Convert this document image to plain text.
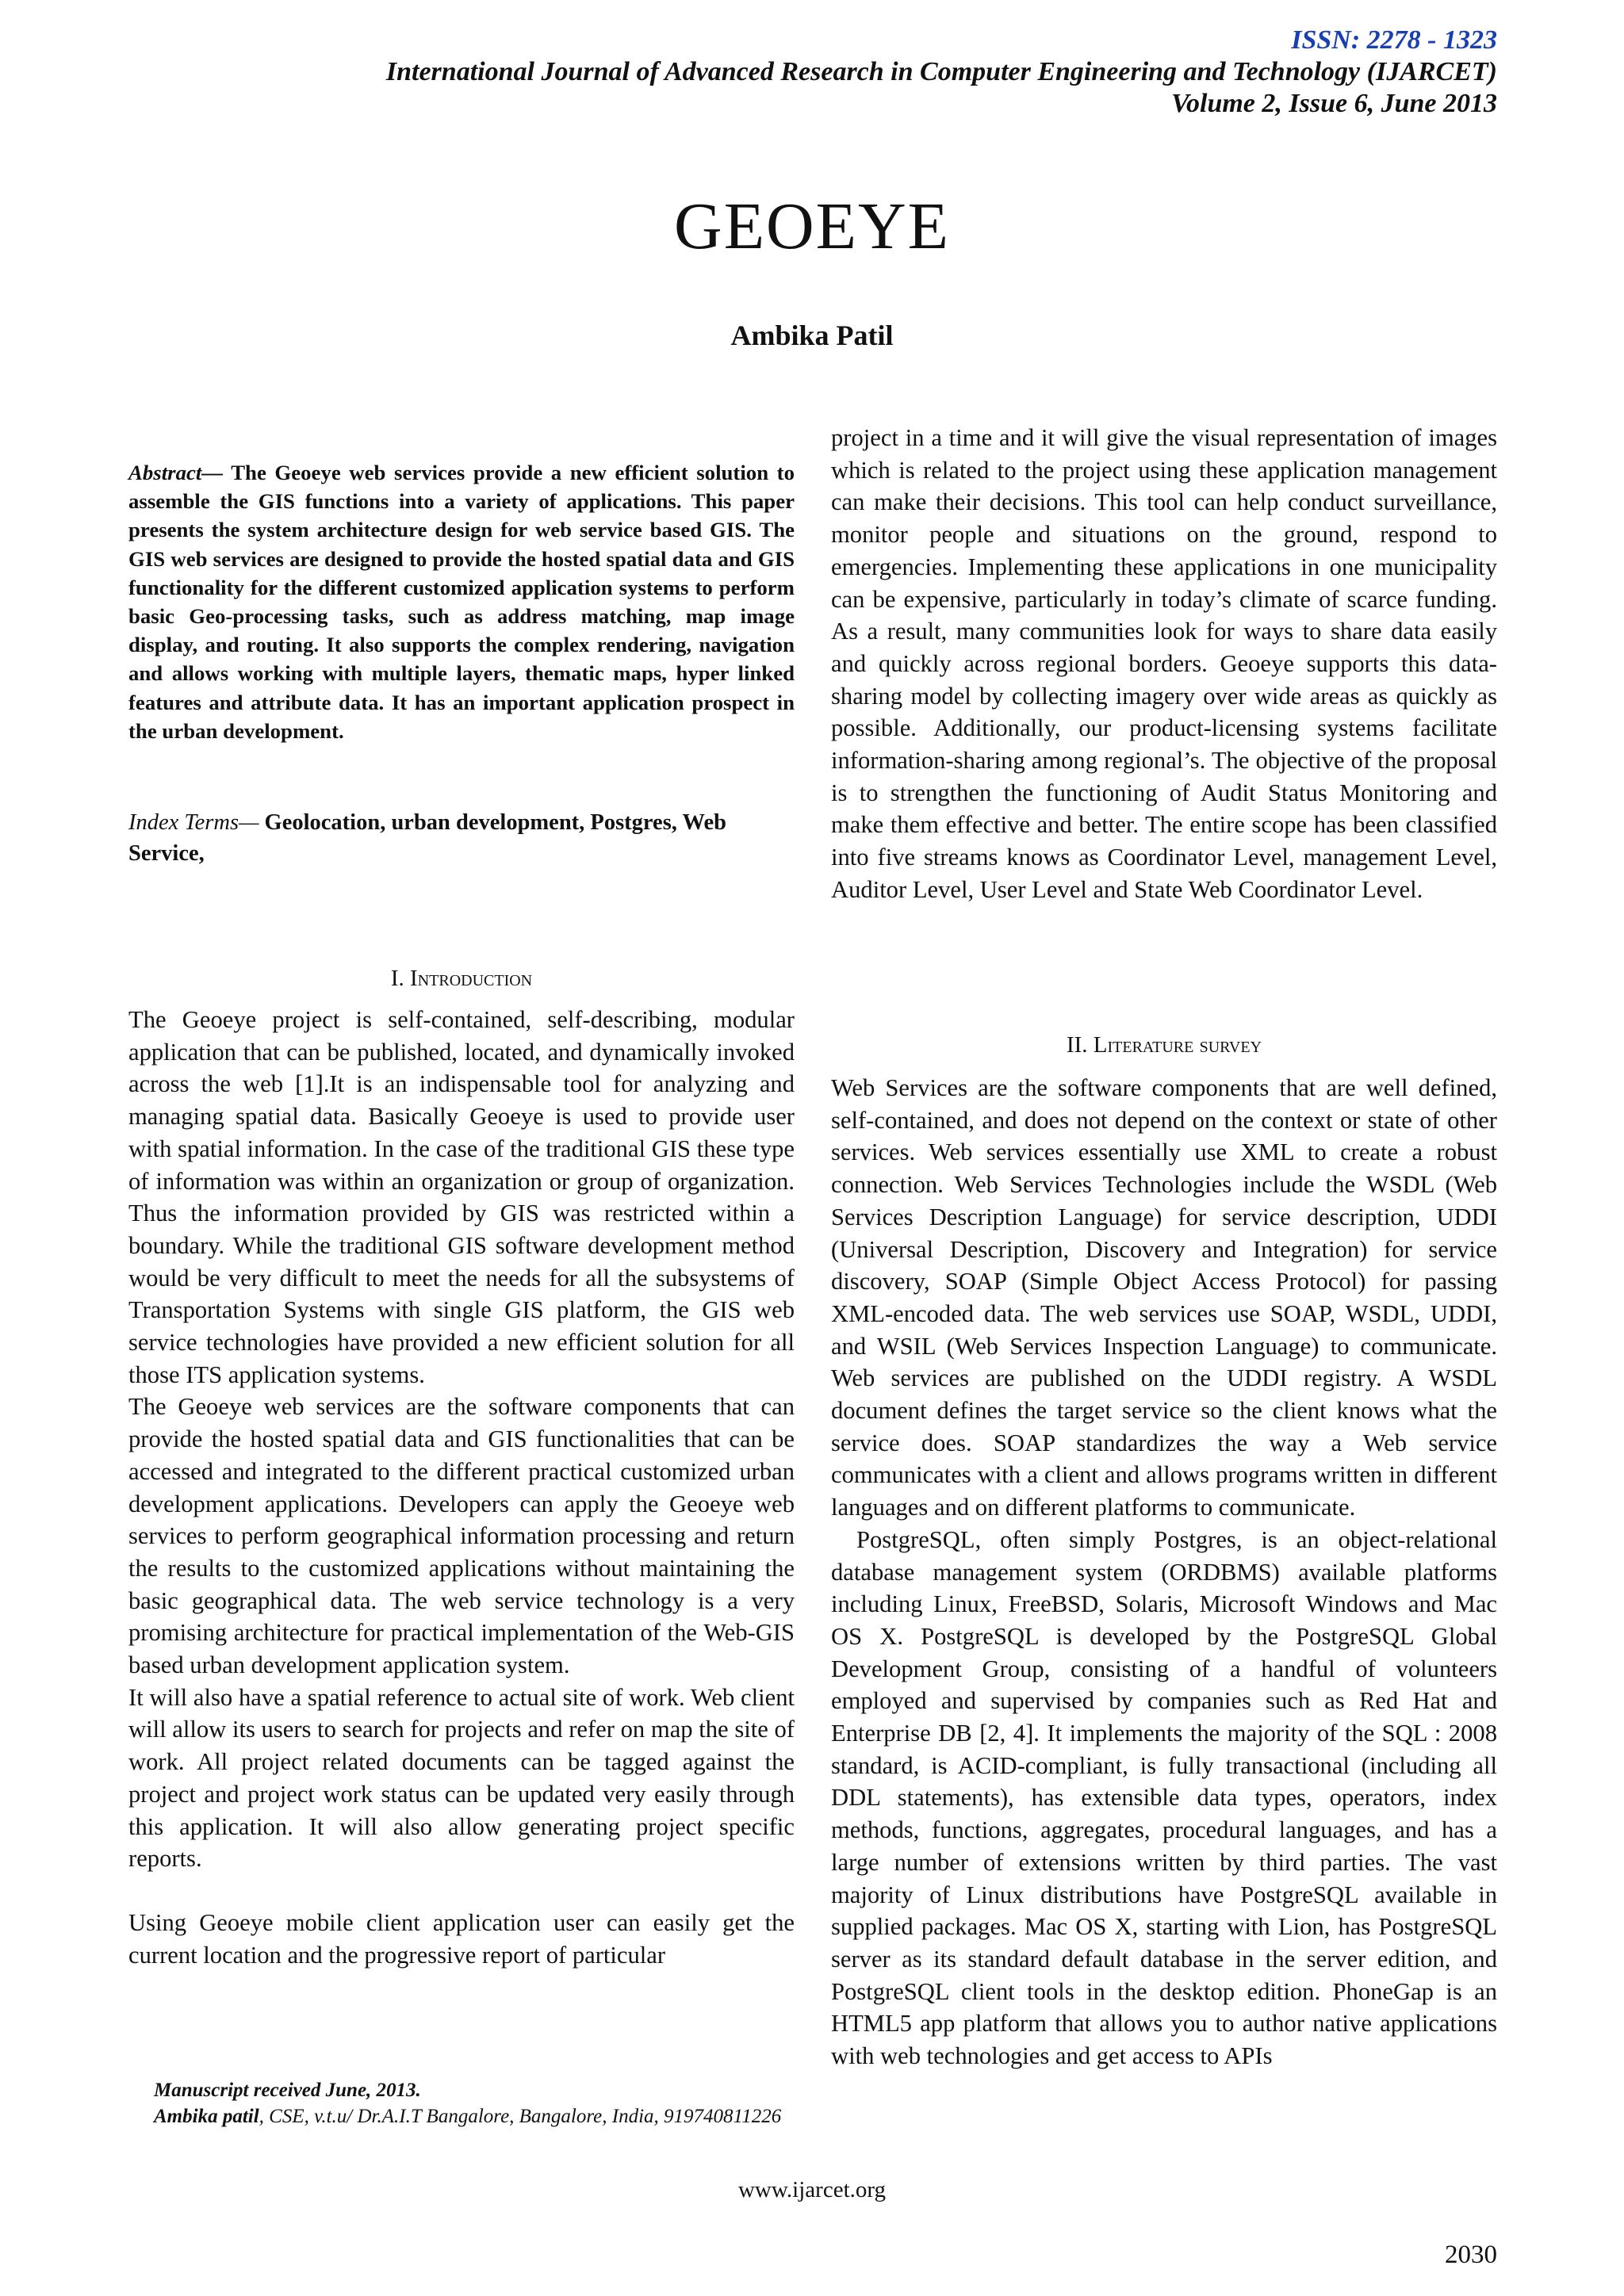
ISSN: 2278 - 1323
International Journal of Advanced Research in Computer Engineering and Technology (IJARCET)
Volume 2, Issue 6, June 2013
GEOEYE
Ambika Patil
Abstract— The Geoeye web services provide a new efficient solution to assemble the GIS functions into a variety of applications. This paper presents the system architecture design for web service based GIS. The GIS web services are designed to provide the hosted spatial data and GIS functionality for the different customized application systems to perform basic Geo-processing tasks, such as address matching, map image display, and routing. It also supports the complex rendering, navigation and allows working with multiple layers, thematic maps, hyper linked features and attribute data. It has an important application prospect in the urban development.
Index Terms— Geolocation, urban development, Postgres, Web Service,
I. Introduction

The Geoeye project is self-contained, self-describing, modular application that can be published, located, and dynamically invoked across the web [1].It is an indispensable tool for analyzing and managing spatial data. Basically Geoeye is used to provide user with spatial information. In the case of the traditional GIS these type of information was within an organization or group of organization. Thus the information provided by GIS was restricted within a boundary. While the traditional GIS software development method would be very difficult to meet the needs for all the subsystems of Transportation Systems with single GIS platform, the GIS web service technologies have provided a new efficient solution for all those ITS application systems.

The Geoeye web services are the software components that can provide the hosted spatial data and GIS functionalities that can be accessed and integrated to the different practical customized urban development applications. Developers can apply the Geoeye web services to perform geographical information processing and return the results to the customized applications without maintaining the basic geographical data. The web service technology is a very promising architecture for practical implementation of the Web-GIS based urban development application system.

It will also have a spatial reference to actual site of work. Web client will allow its users to search for projects and refer on map the site of work. All project related documents can be tagged against the project and project work status can be updated very easily through this application. It will also allow generating project specific reports.

Using Geoeye mobile client application user can easily get the current location and the progressive report of particular

Manuscript received June, 2013.
Ambika patil, CSE, v.t.u/ Dr.A.I.T Bangalore, Bangalore, India, 919740811226

project in a time and it will give the visual representation of images which is related to the project using these application management can make their decisions. This tool can help conduct surveillance, monitor people and situations on the ground, respond to emergencies. Implementing these applications in one municipality can be expensive, particularly in today’s climate of scarce funding. As a result, many communities look for ways to share data easily and quickly across regional borders. Geoeye supports this data-sharing model by collecting imagery over wide areas as quickly as possible. Additionally, our product-licensing systems facilitate information-sharing among regional’s. The objective of the proposal is to strengthen the functioning of Audit Status Monitoring and make them effective and better. The entire scope has been classified into five streams knows as Coordinator Level, management Level, Auditor Level, User Level and State Web Coordinator Level.

II. Literature survey

Web Services are the software components that are well defined, self-contained, and does not depend on the context or state of other services. Web services essentially use XML to create a robust connection. Web Services Technologies include the WSDL (Web Services Description Language) for service description, UDDI (Universal Description, Discovery and Integration) for service discovery, SOAP (Simple Object Access Protocol) for passing XML-encoded data. The web services use SOAP, WSDL, UDDI, and WSIL (Web Services Inspection Language) to communicate. Web services are published on the UDDI registry. A WSDL document defines the target service so the client knows what the service does. SOAP standardizes the way a Web service communicates with a client and allows programs written in different languages and on different platforms to communicate.

PostgreSQL, often simply Postgres, is an object-relational database management system (ORDBMS) available platforms including Linux, FreeBSD, Solaris, Microsoft Windows and Mac OS X. PostgreSQL is developed by the PostgreSQL Global Development Group, consisting of a handful of volunteers employed and supervised by companies such as Red Hat and Enterprise DB [2, 4]. It implements the majority of the SQL : 2008 standard, is ACID-compliant, is fully transactional (including all DDL statements), has extensible data types, operators, index methods, functions, aggregates, procedural languages, and has a large number of extensions written by third parties. The vast majority of Linux distributions have PostgreSQL available in supplied packages. Mac OS X, starting with Lion, has PostgreSQL server as its standard default database in the server edition, and PostgreSQL client tools in the desktop edition. PhoneGap is an HTML5 app platform that allows you to author native applications with web technologies and get access to APIs

www.ijarcet.org
2030
